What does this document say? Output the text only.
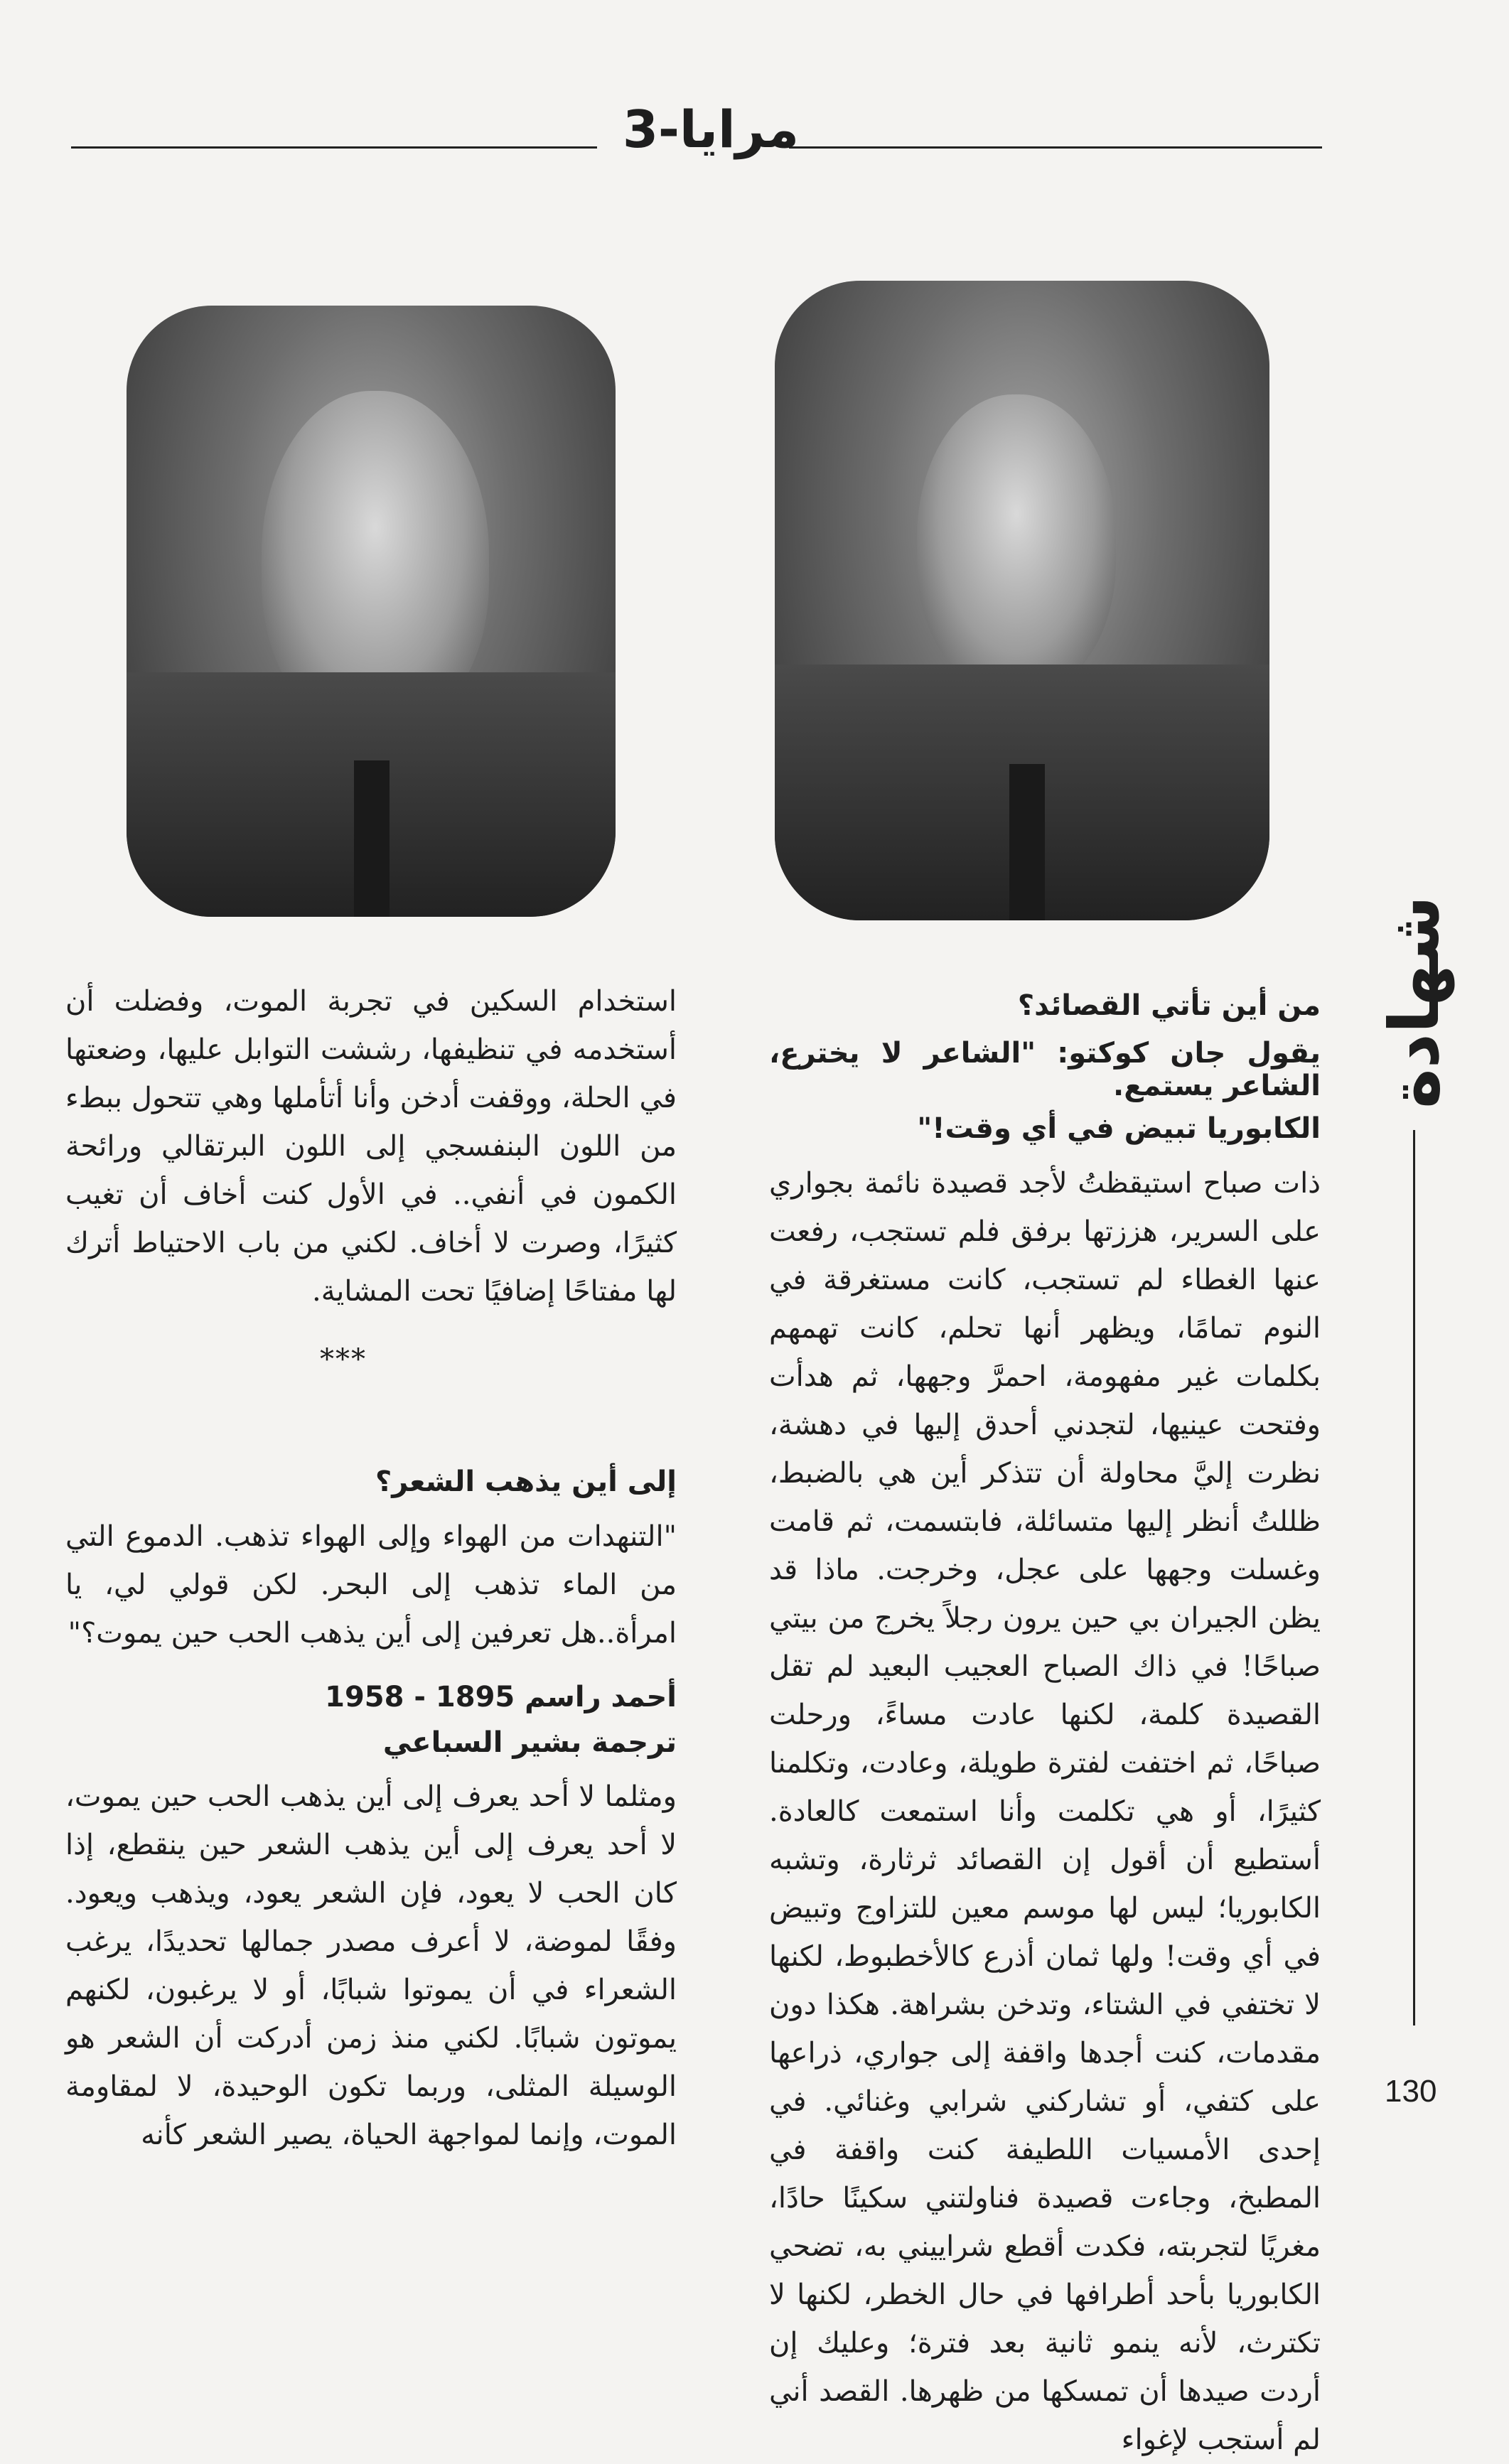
مرايا-3
شهادة
130

من أين تأتي القصائد؟

يقول جان كوكتو: "الشاعر لا يخترع، الشاعر يستمع.

الكابوريا تبيض في أي وقت!"

ذات صباح استيقظتُ لأجد قصيدة نائمة بجواري على السرير، هززتها برفق فلم تستجب، رفعت عنها الغطاء لم تستجب، كانت مستغرقة في النوم تمامًا، ويظهر أنها تحلم، كانت تهمهم بكلمات غير مفهومة، احمرَّ وجهها، ثم هدأت وفتحت عينيها، لتجدني أحدق إليها في دهشة، نظرت إليَّ محاولة أن تتذكر أين هي بالضبط، ظللتُ أنظر إليها متسائلة، فابتسمت، ثم قامت وغسلت وجهها على عجل، وخرجت. ماذا قد يظن الجيران بي حين يرون رجلاً يخرج من بيتي صباحًا! في ذاك الصباح العجيب البعيد لم تقل القصيدة كلمة، لكنها عادت مساءً، ورحلت صباحًا، ثم اختفت لفترة طويلة، وعادت، وتكلمنا كثيرًا، أو هي تكلمت وأنا استمعت كالعادة. أستطيع أن أقول إن القصائد ثرثارة، وتشبه الكابوريا؛ ليس لها موسم معين للتزاوج وتبيض في أي وقت! ولها ثمان أذرع كالأخطبوط، لكنها لا تختفي في الشتاء، وتدخن بشراهة. هكذا دون مقدمات، كنت أجدها واقفة إلى جواري، ذراعها على كتفي، أو تشاركني شرابي وغنائي. في إحدى الأمسيات اللطيفة كنت واقفة في المطبخ، وجاءت قصيدة فناولتني سكينًا حادًا، مغريًا لتجربته، فكدت أقطع شراييني به، تضحي الكابوريا بأحد أطرافها في حال الخطر، لكنها لا تكترث، لأنه ينمو ثانية بعد فترة؛ وعليك إن أردت صيدها أن تمسكها من ظهرها. القصد أني لم أستجب لإغواء

استخدام السكين في تجربة الموت، وفضلت أن أستخدمه في تنظيفها، رششت التوابل عليها، وضعتها في الحلة، ووقفت أدخن وأنا أتأملها وهي تتحول ببطء من اللون البنفسجي إلى اللون البرتقالي ورائحة الكمون في أنفي.. في الأول كنت أخاف أن تغيب كثيرًا، وصرت لا أخاف. لكني من باب الاحتياط أترك لها مفتاحًا إضافيًا تحت المشاية.

***

إلى أين يذهب الشعر؟

"التنهدات من الهواء وإلى الهواء تذهب. الدموع التي من الماء تذهب إلى البحر. لكن قولي لي، يا امرأة..هل تعرفين إلى أين يذهب الحب حين يموت؟"

أحمد راسم 1895 - 1958

ترجمة بشير السباعي

ومثلما لا أحد يعرف إلى أين يذهب الحب حين يموت، لا أحد يعرف إلى أين يذهب الشعر حين ينقطع، إذا كان الحب لا يعود، فإن الشعر يعود، ويذهب ويعود. وفقًا لموضة، لا أعرف مصدر جمالها تحديدًا، يرغب الشعراء في أن يموتوا شبابًا، أو لا يرغبون، لكنهم يموتون شبابًا. لكني منذ زمن أدركت أن الشعر هو الوسيلة المثلى، وربما تكون الوحيدة، لا لمقاومة الموت، وإنما لمواجهة الحياة، يصير الشعر كأنه
